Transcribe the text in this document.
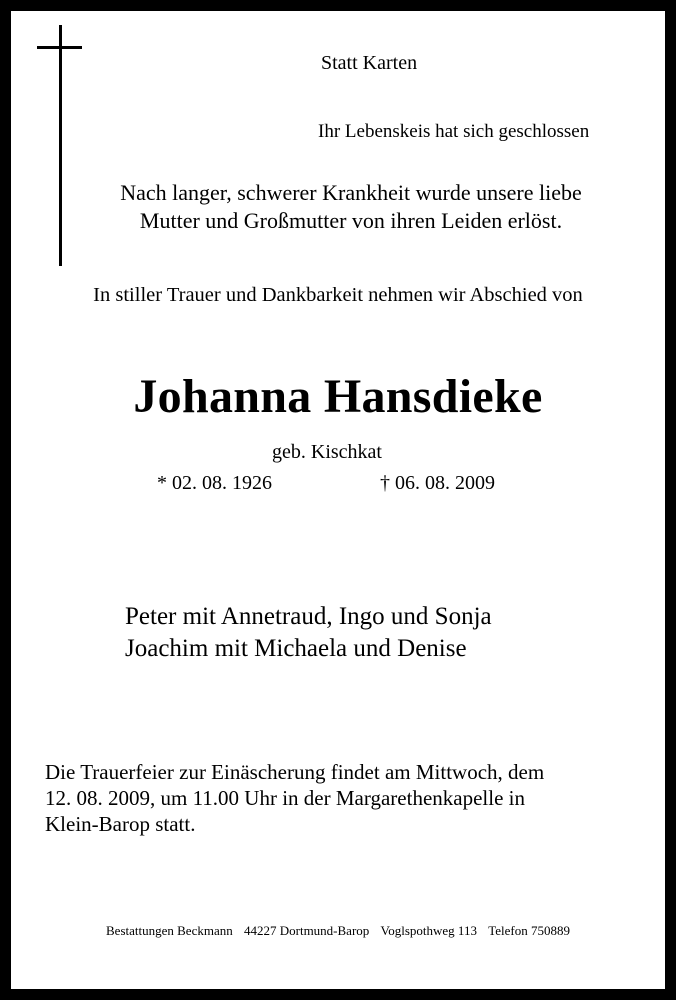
Statt Karten
Ihr Lebenskeis hat sich geschlossen
Nach langer, schwerer Krankheit wurde unsere liebe
Mutter und Großmutter von ihren Leiden erlöst.
In stiller Trauer und Dankbarkeit nehmen wir Abschied von
Johanna Hansdieke
geb. Kischkat
* 02. 08. 1926	† 06. 08. 2009
Peter mit Annetraud, Ingo und Sonja
Joachim mit Michaela und Denise
Die Trauerfeier zur Einäscherung findet am Mittwoch, dem
12. 08. 2009, um 11.00 Uhr in der Margarethenkapelle in
Klein-Barop statt.
Bestattungen Beckmann 44227 Dortmund-Barop Voglspothweg 113 Telefon 750889
